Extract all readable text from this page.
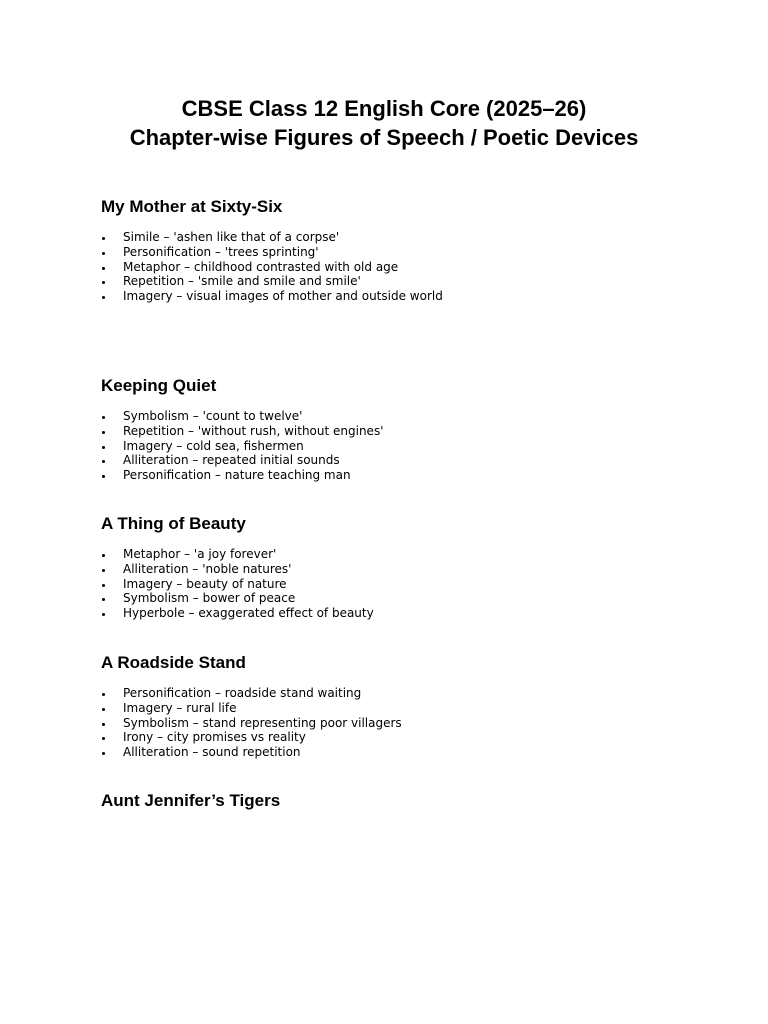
CBSE Class 12 English Core (2025–26)
Chapter-wise Figures of Speech / Poetic Devices
My Mother at Sixty-Six
Simile – 'ashen like that of a corpse'
Personification – 'trees sprinting'
Metaphor – childhood contrasted with old age
Repetition – 'smile and smile and smile'
Imagery – visual images of mother and outside world
Keeping Quiet
Symbolism – 'count to twelve'
Repetition – 'without rush, without engines'
Imagery – cold sea, fishermen
Alliteration – repeated initial sounds
Personification – nature teaching man
A Thing of Beauty
Metaphor – 'a joy forever'
Alliteration – 'noble natures'
Imagery – beauty of nature
Symbolism – bower of peace
Hyperbole – exaggerated effect of beauty
A Roadside Stand
Personification – roadside stand waiting
Imagery – rural life
Symbolism – stand representing poor villagers
Irony – city promises vs reality
Alliteration – sound repetition
Aunt Jennifer’s Tigers
